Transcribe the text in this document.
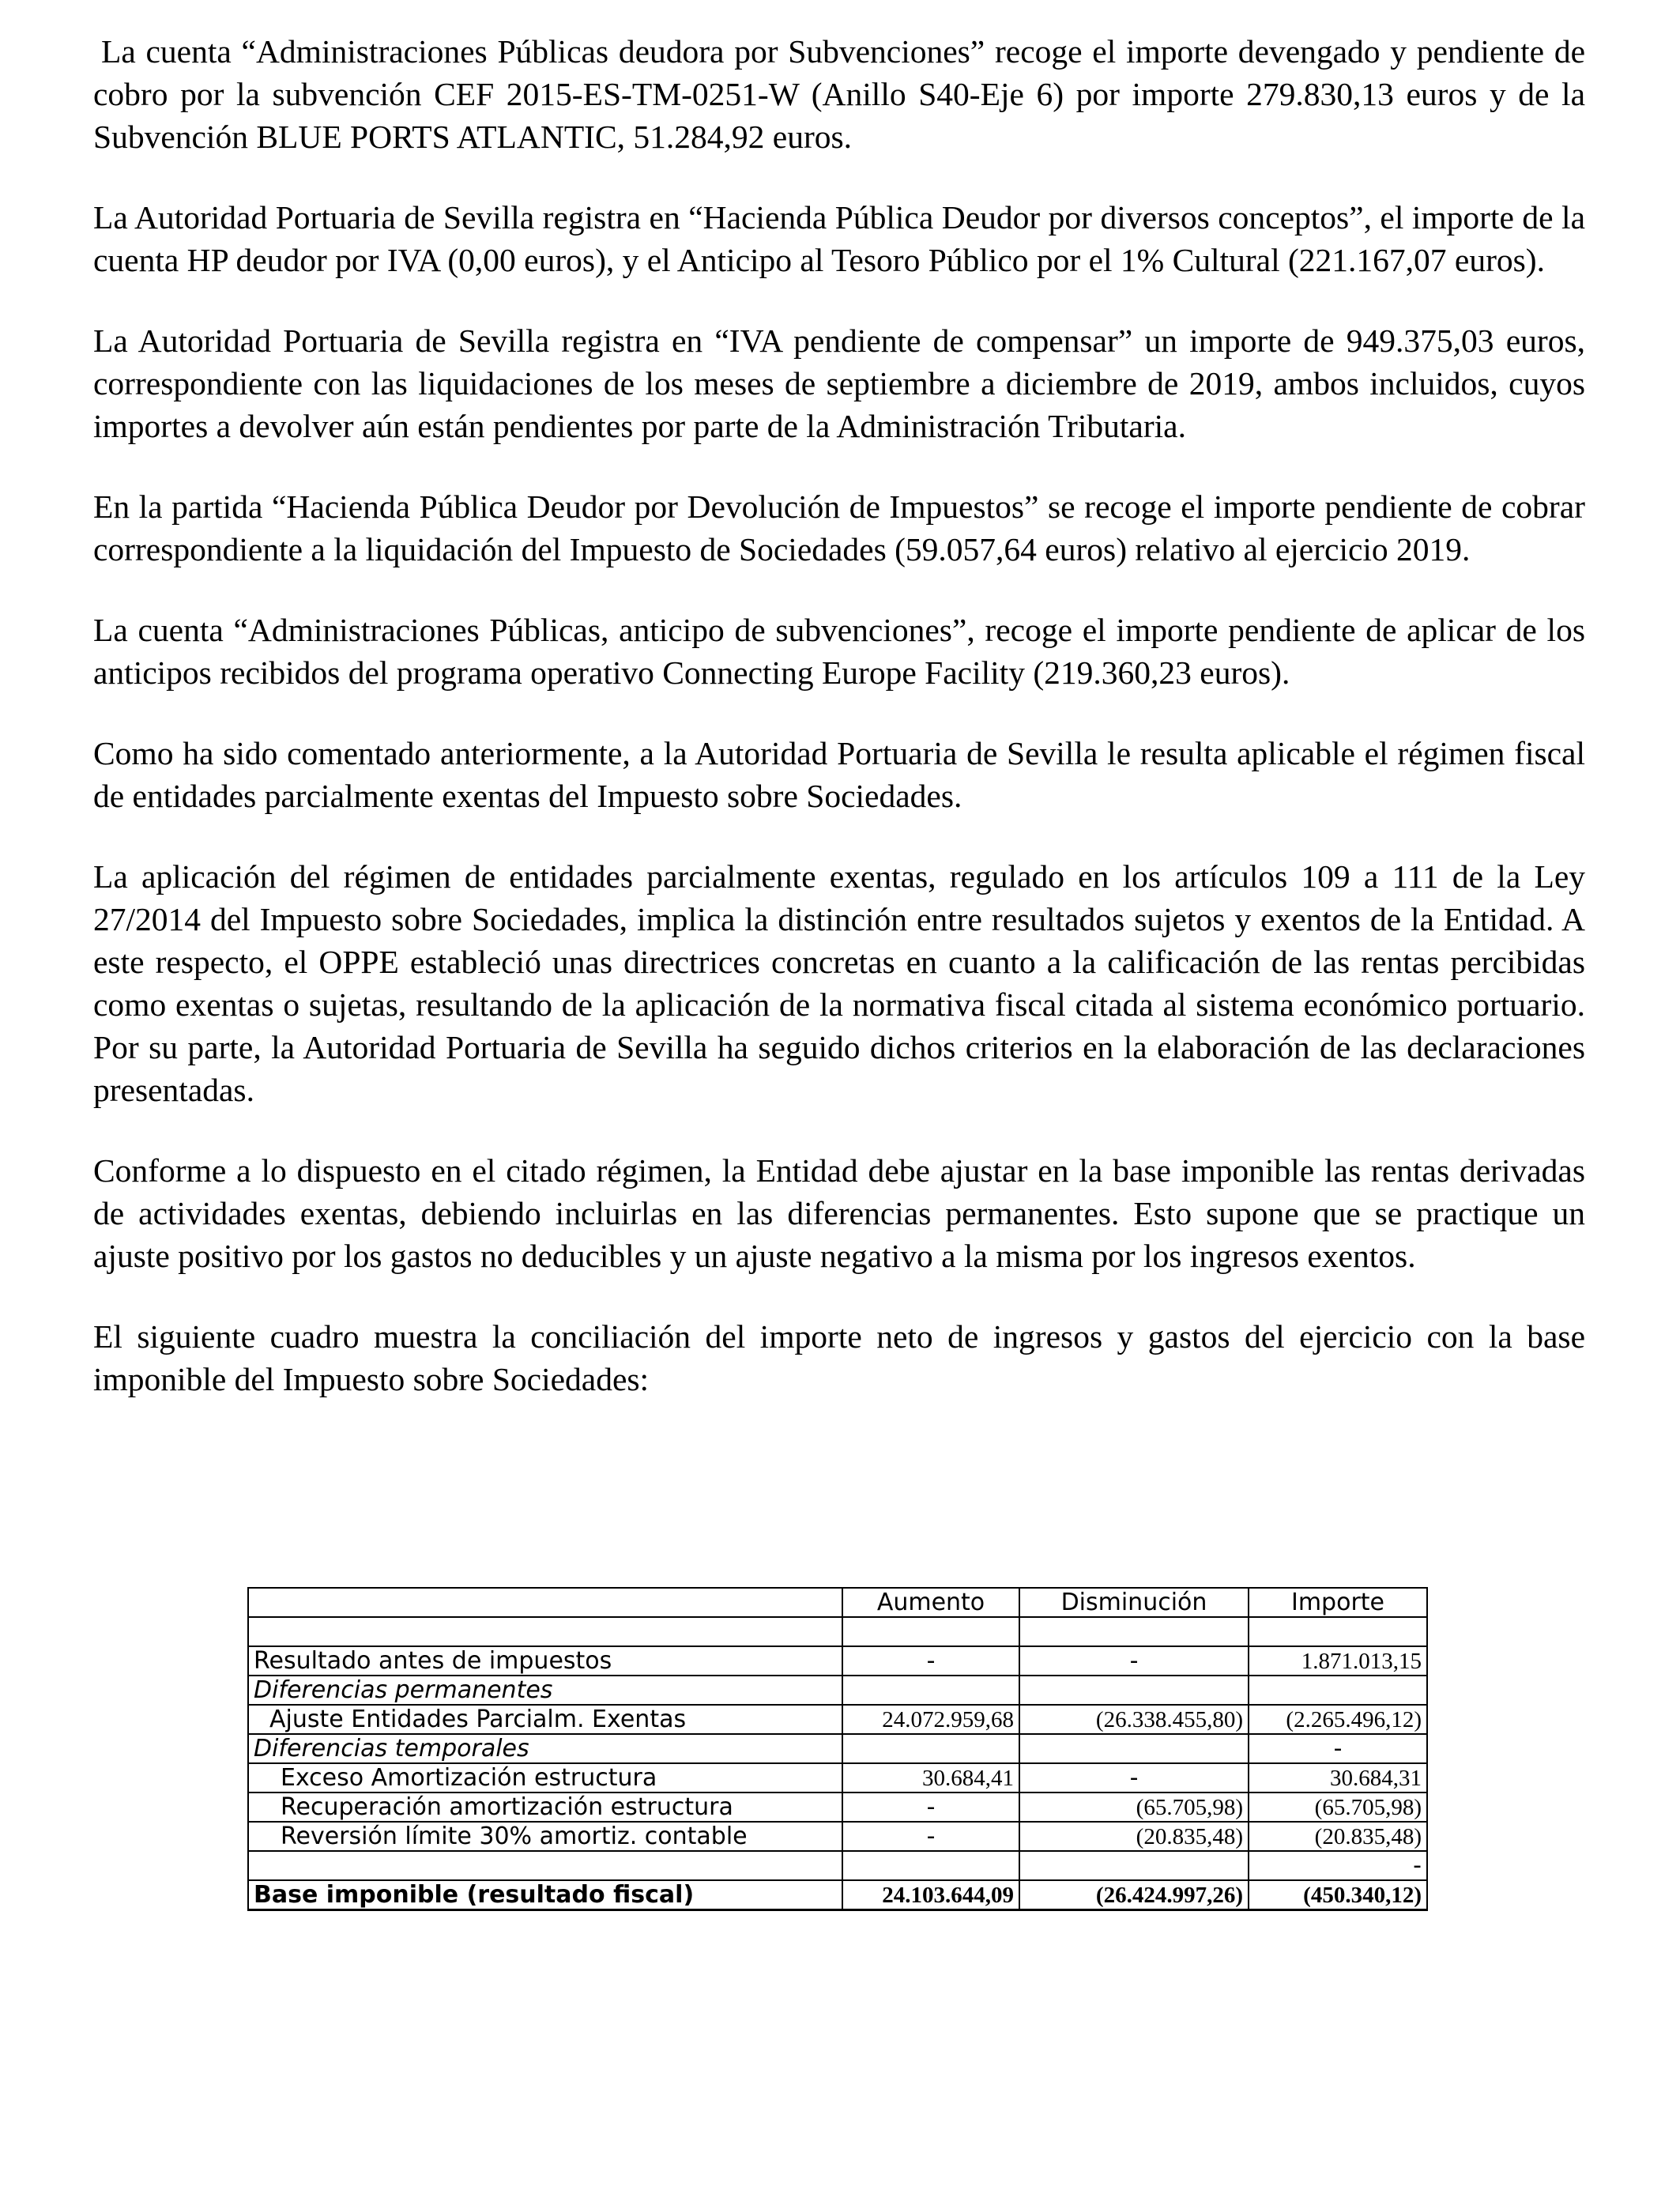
La cuenta “Administraciones Públicas deudora por Subvenciones” recoge el importe devengado y pendiente de cobro por la subvención CEF 2015-ES-TM-0251-W (Anillo S40-Eje 6) por importe 279.830,13 euros y de la Subvención BLUE PORTS ATLANTIC, 51.284,92 euros.

La Autoridad Portuaria de Sevilla registra en “Hacienda Pública Deudor por diversos conceptos”, el importe de la cuenta HP deudor por IVA (0,00 euros), y el Anticipo al Tesoro Público por el 1% Cultural (221.167,07 euros).

La Autoridad Portuaria de Sevilla registra en “IVA pendiente de compensar” un importe de 949.375,03 euros, correspondiente con las liquidaciones de los meses de septiembre a diciembre de 2019, ambos incluidos, cuyos importes a devolver aún están pendientes por parte de la Administración Tributaria.

En la partida “Hacienda Pública Deudor por Devolución de Impuestos” se recoge el importe pendiente de cobrar correspondiente a la liquidación del Impuesto de Sociedades (59.057,64 euros) relativo al ejercicio 2019.

La cuenta “Administraciones Públicas, anticipo de subvenciones”, recoge el importe pendiente de aplicar de los anticipos recibidos del programa operativo Connecting Europe Facility (219.360,23 euros).

Como ha sido comentado anteriormente, a la Autoridad Portuaria de Sevilla le resulta aplicable el régimen fiscal de entidades parcialmente exentas del Impuesto sobre Sociedades.

La aplicación del régimen de entidades parcialmente exentas, regulado en los artículos 109 a 111 de la Ley 27/2014 del Impuesto sobre Sociedades, implica la distinción entre resultados sujetos y exentos de la Entidad. A este respecto, el OPPE estableció unas directrices concretas en cuanto a la calificación de las rentas percibidas como exentas o sujetas, resultando de la aplicación de la normativa fiscal citada al sistema económico portuario. Por su parte, la Autoridad Portuaria de Sevilla ha seguido dichos criterios en la elaboración de las declaraciones presentadas.

Conforme a lo dispuesto en el citado régimen, la Entidad debe ajustar en la base imponible las rentas derivadas de actividades exentas, debiendo incluirlas en las diferencias permanentes. Esto supone que se practique un ajuste positivo por los gastos no deducibles y un ajuste negativo a la misma por los ingresos exentos.

El siguiente cuadro muestra la conciliación del importe neto de ingresos y gastos del ejercicio con la base imponible del Impuesto sobre Sociedades:

	Aumento	Disminución	Importe

Resultado antes de impuestos	-	-	1.871.013,15
Diferencias permanentes			
Ajuste Entidades Parcialm. Exentas	24.072.959,68	(26.338.455,80)	(2.265.496,12)
Diferencias temporales			-
Exceso Amortización estructura	30.684,41	-	30.684,31
Recuperación amortización estructura	-	(65.705,98)	(65.705,98)
Reversión límite 30% amortiz. contable	-	(20.835,48)	(20.835,48)
			-
Base imponible (resultado fiscal)	24.103.644,09	(26.424.997,26)	(450.340,12)
